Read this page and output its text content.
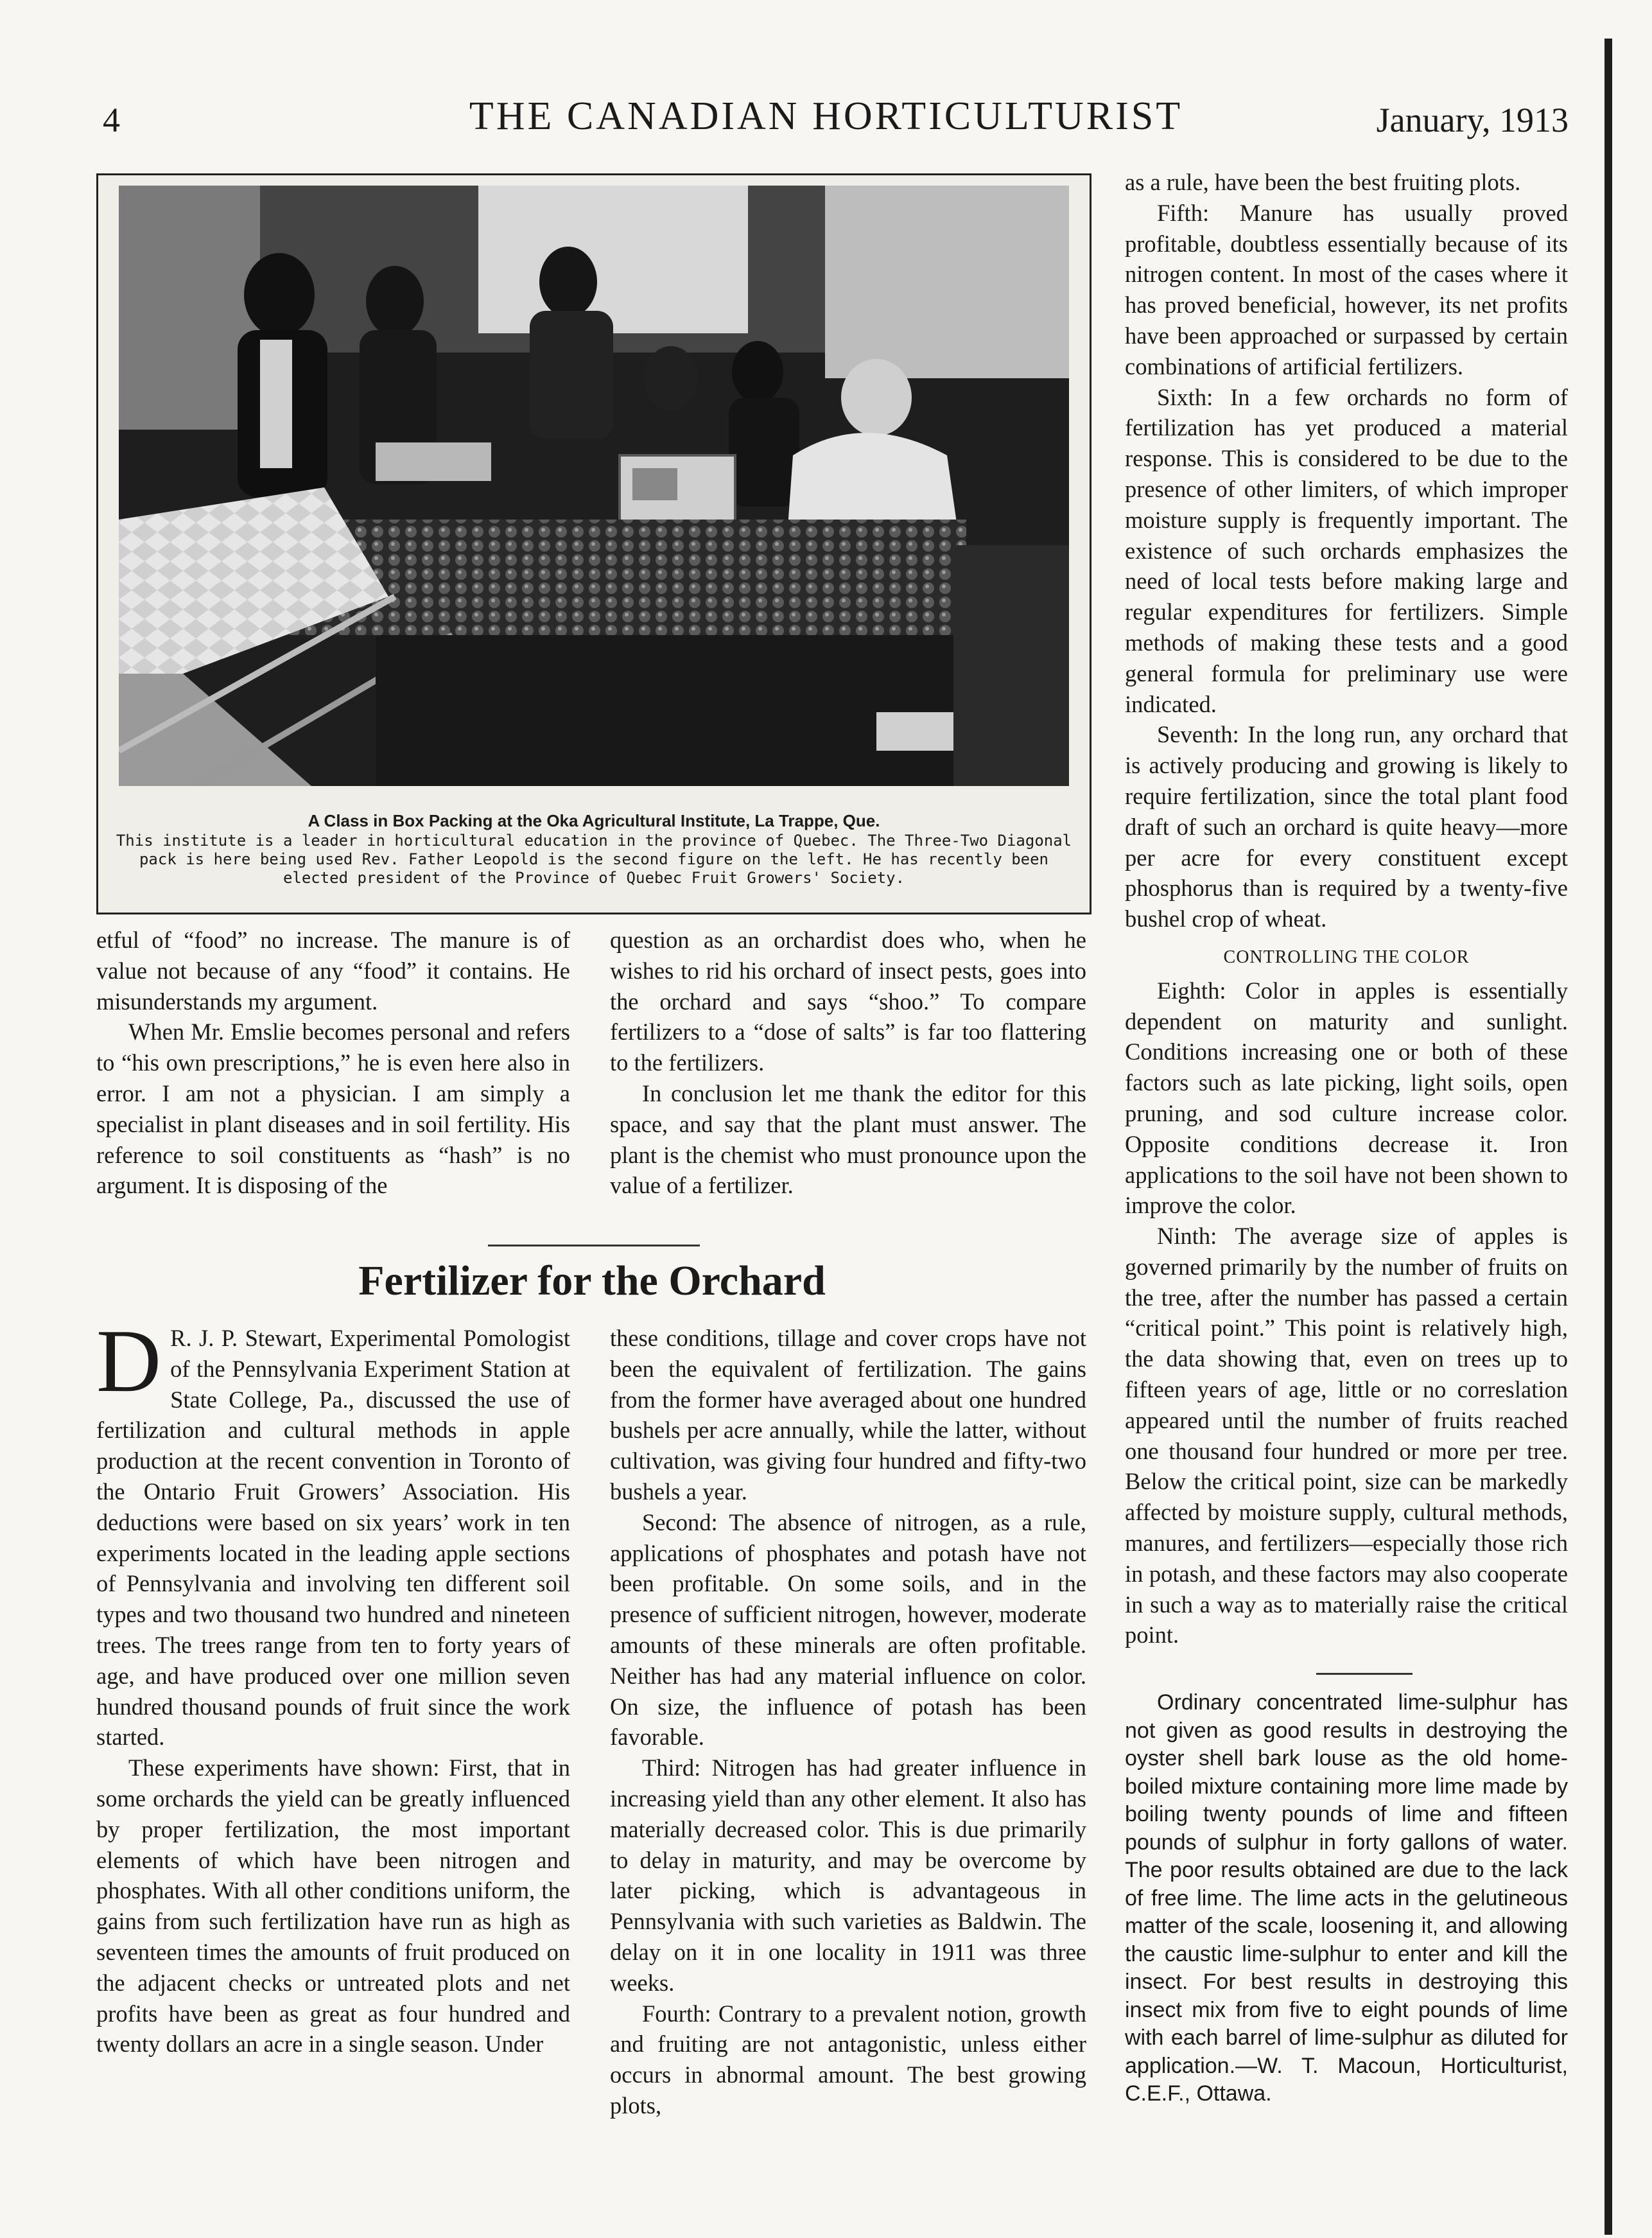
4	THE CANADIAN HORTICULTURIST	January, 1913
A Class in Box Packing at the Oka Agricultural Institute, La Trappe, Que.
This institute is a leader in horticultural education in the province of Quebec. The Three-Two Diagonal pack is here being used Rev. Father Leopold is the second figure on the left. He has recently been elected president of the Province of Quebec Fruit Growers' Society.

etful of “food” no increase. The manure is of value not because of any “food” it contains. He misunderstands my argument.

When Mr. Emslie becomes personal and refers to “his own prescriptions,” he is even here also in error. I am not a physician. I am simply a specialist in plant diseases and in soil fertility. His reference to soil constituents as “hash” is no argument. It is disposing of the

question as an orchardist does who, when he wishes to rid his orchard of insect pests, goes into the orchard and says “shoo.” To compare fertilizers to a “dose of salts” is far too flattering to the fertilizers.

In conclusion let me thank the editor for this space, and say that the plant must answer. The plant is the chemist who must pronounce upon the value of a fertilizer.

Fertilizer for the Orchard

D R. J. P. Stewart, Experimental Pomologist of the Pennsylvania Experiment Station at State College, Pa., discussed the use of fertilization and cultural methods in apple production at the recent convention in Toronto of the Ontario Fruit Growers’ Association. His deductions were based on six years’ work in ten experiments located in the leading apple sections of Pennsylvania and involving ten different soil types and two thousand two hundred and nineteen trees. The trees range from ten to forty years of age, and have produced over one million seven hundred thousand pounds of fruit since the work started.

These experiments have shown: First, that in some orchards the yield can be greatly influenced by proper fertilization, the most important elements of which have been nitrogen and phosphates. With all other conditions uniform, the gains from such fertilization have run as high as seventeen times the amounts of fruit produced on the adjacent checks or untreated plots and net profits have been as great as four hundred and twenty dollars an acre in a single season. Under

these conditions, tillage and cover crops have not been the equivalent of fertilization. The gains from the former have averaged about one hundred bushels per acre annually, while the latter, without cultivation, was giving four hundred and fifty-two bushels a year.

Second: The absence of nitrogen, as a rule, applications of phosphates and potash have not been profitable. On some soils, and in the presence of sufficient nitrogen, however, moderate amounts of these minerals are often profitable. Neither has had any material influence on color. On size, the influence of potash has been favorable.

Third: Nitrogen has had greater influence in increasing yield than any other element. It also has materially decreased color. This is due primarily to delay in maturity, and may be overcome by later picking, which is advantageous in Pennsylvania with such varieties as Baldwin. The delay on it in one locality in 1911 was three weeks.

Fourth: Contrary to a prevalent notion, growth and fruiting are not antagonistic, unless either occurs in abnormal amount. The best growing plots,

as a rule, have been the best fruiting plots.

Fifth: Manure has usually proved profitable, doubtless essentially because of its nitrogen content. In most of the cases where it has proved beneficial, however, its net profits have been approached or surpassed by certain combinations of artificial fertilizers.

Sixth: In a few orchards no form of fertilization has yet produced a material response. This is considered to be due to the presence of other limiters, of which improper moisture supply is frequently important. The existence of such orchards emphasizes the need of local tests before making large and regular expenditures for fertilizers. Simple methods of making these tests and a good general formula for preliminary use were indicated.

Seventh: In the long run, any orchard that is actively producing and growing is likely to require fertilization, since the total plant food draft of such an orchard is quite heavy—more per acre for every constituent except phosphorus than is required by a twenty-five bushel crop of wheat.

CONTROLLING THE COLOR

Eighth: Color in apples is essentially dependent on maturity and sunlight. Conditions increasing one or both of these factors such as late picking, light soils, open pruning, and sod culture increase color. Opposite conditions decrease it. Iron applications to the soil have not been shown to improve the color.

Ninth: The average size of apples is governed primarily by the number of fruits on the tree, after the number has passed a certain “critical point.” This point is relatively high, the data showing that, even on trees up to fifteen years of age, little or no correslation appeared until the number of fruits reached one thousand four hundred or more per tree. Below the critical point, size can be markedly affected by moisture supply, cultural methods, manures, and fertilizers—especially those rich in potash, and these factors may also cooperate in such a way as to materially raise the critical point.

Ordinary concentrated lime-sulphur has not given as good results in destroying the oyster shell bark louse as the old home-boiled mixture containing more lime made by boiling twenty pounds of lime and fifteen pounds of sulphur in forty gallons of water. The poor results obtained are due to the lack of free lime. The lime acts in the gelutineous matter of the scale, loosening it, and allowing the caustic lime-sulphur to enter and kill the insect. For best results in destroying this insect mix from five to eight pounds of lime with each barrel of lime-sulphur as diluted for application.—W. T. Macoun, Horticulturist, C.E.F., Ottawa.
